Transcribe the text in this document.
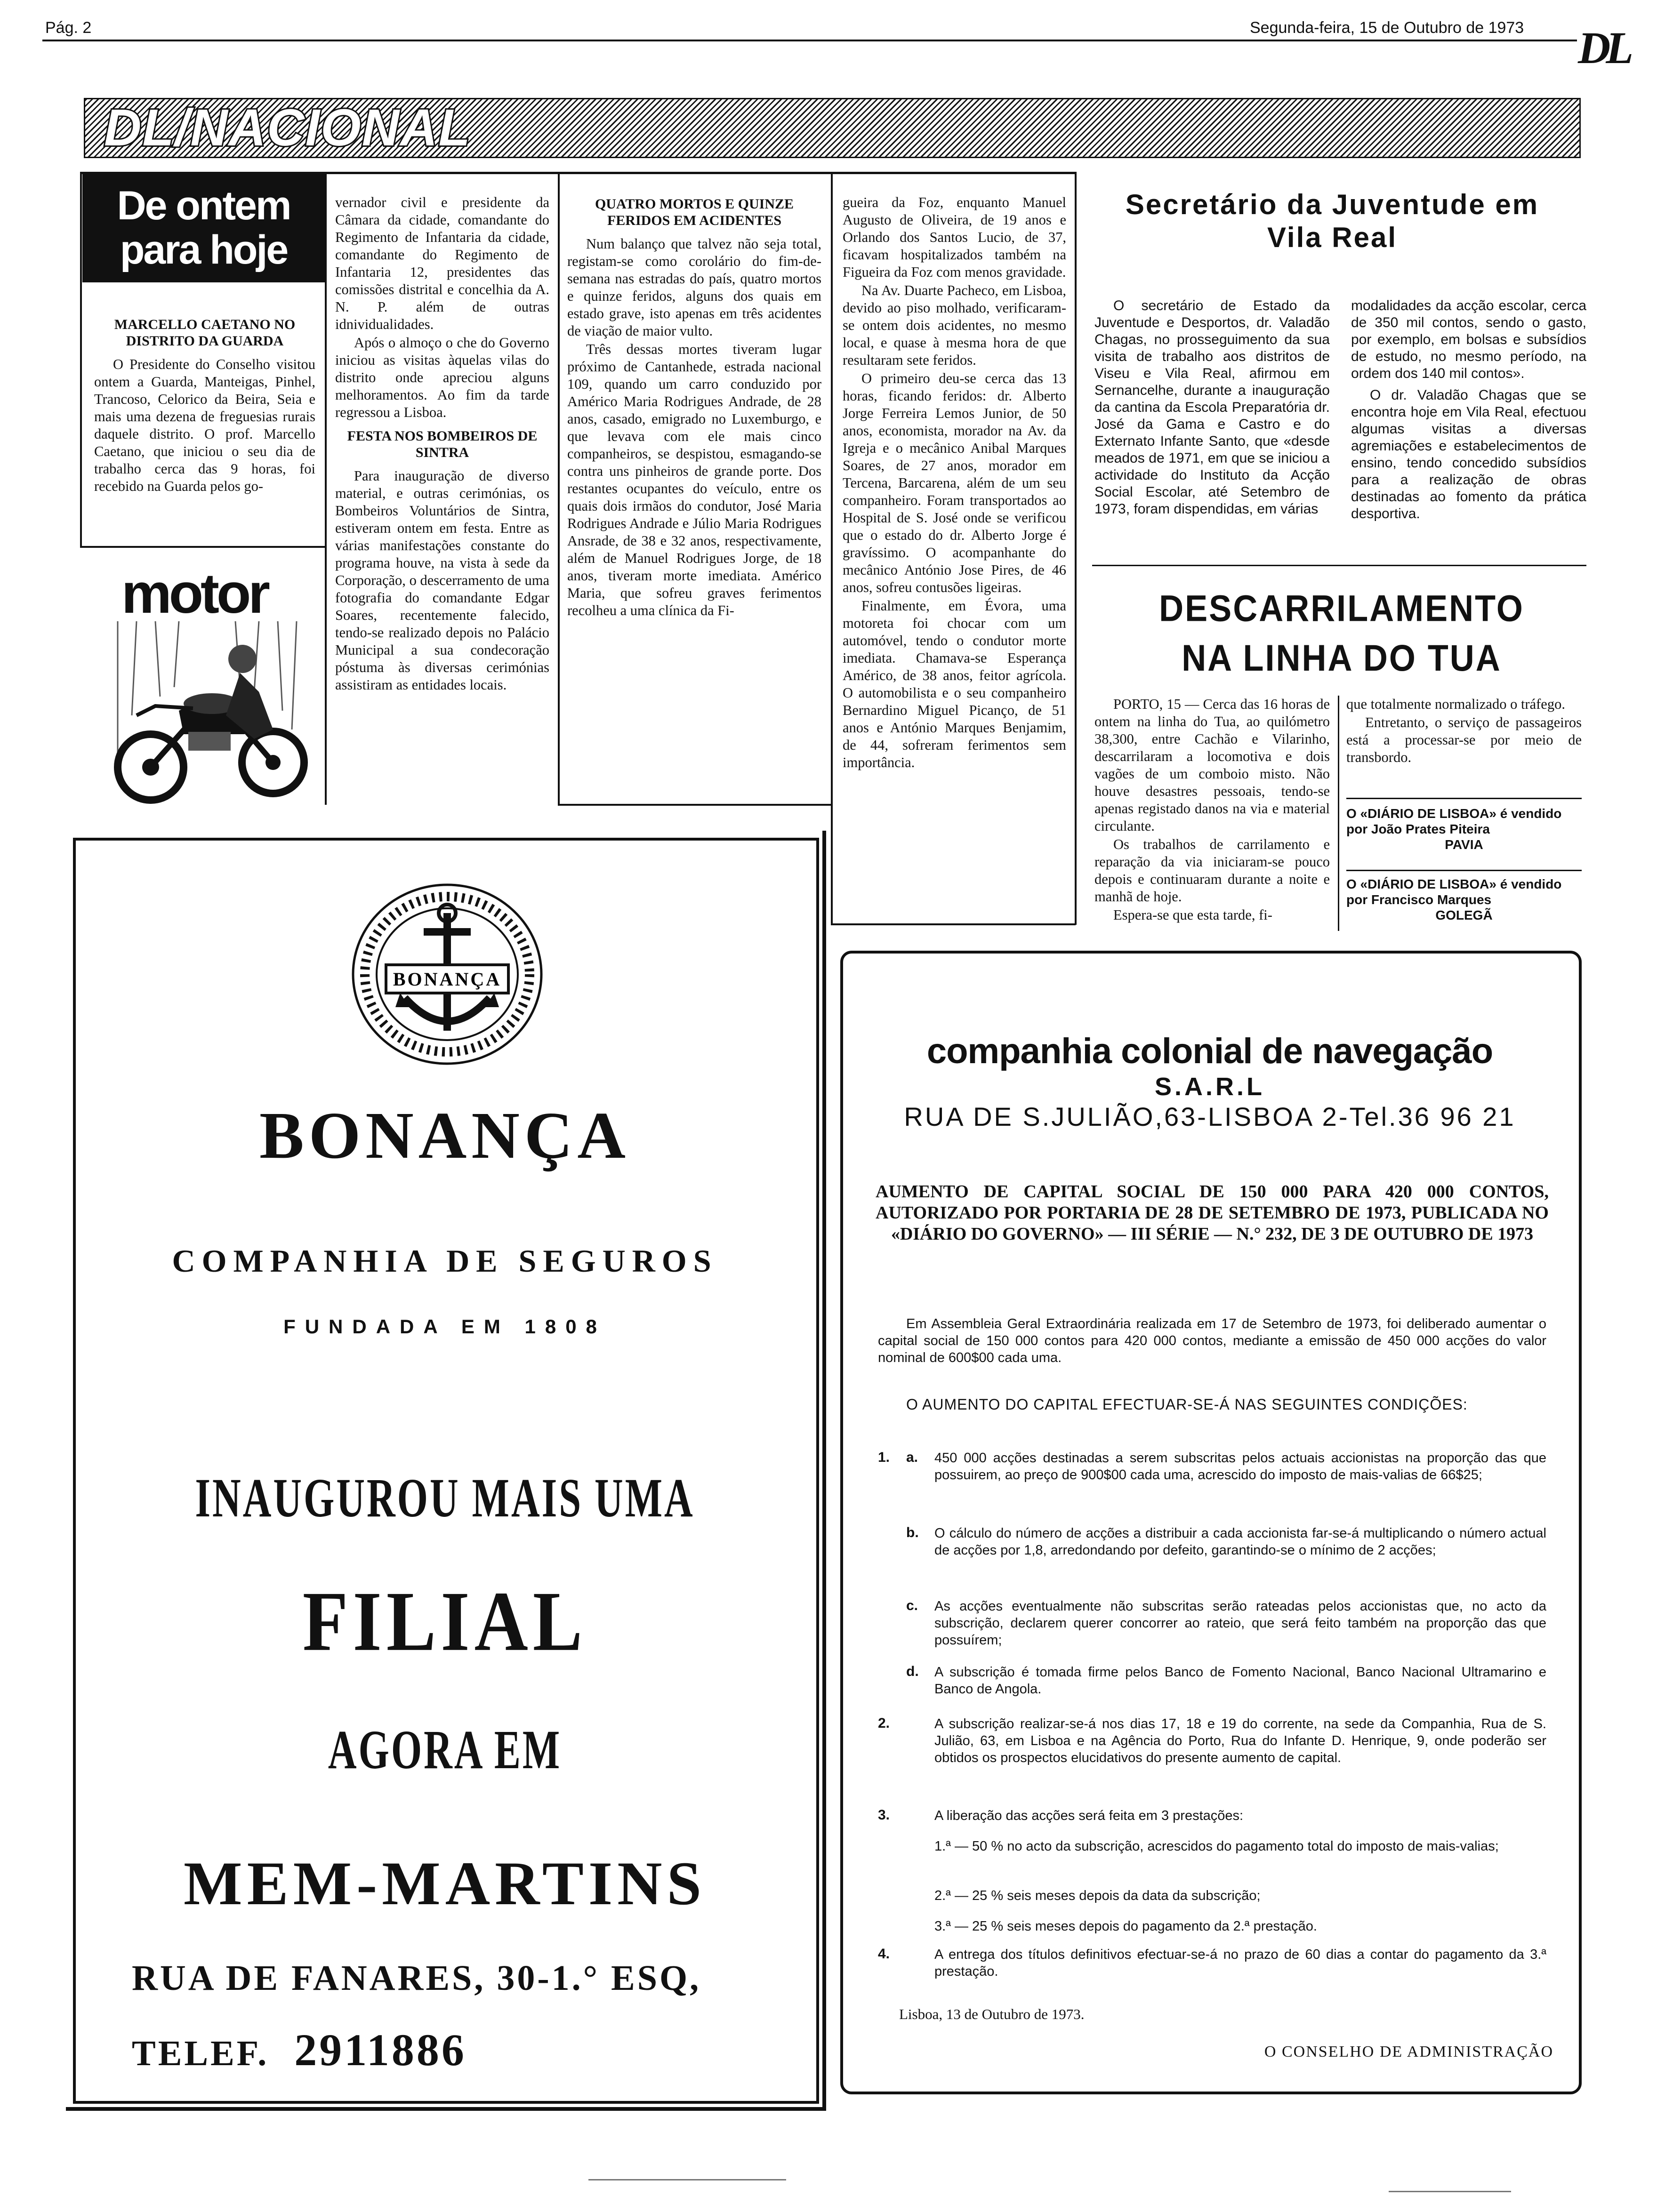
Pág. 2	Segunda-feira, 15 de Outubro de 1973 DL
DL/NACIONAL
De ontem
para hoje
MARCELLO CAETANO NO DISTRITO DA GUARDA

O Presidente do Conselho visitou ontem a Guarda, Manteigas, Pinhel, Trancoso, Celorico da Beira, Seia e mais uma dezena de freguesias rurais daquele distrito. O prof. Marcello Caetano, que iniciou o seu dia de trabalho cerca das 9 horas, foi recebido na Guarda pelos go-

motor

vernador civil e presidente da Câmara da cidade, comandante do Regimento de Infantaria da cidade, comandante do Regimento de Infantaria 12, presidentes das comissões distrital e concelhia da A. N. P. além de outras idnividualidades.

Após o almoço o che do Governo iniciou as visitas àquelas vilas do distrito onde apreciou alguns melhoramentos. Ao fim da tarde regressou a Lisboa.

FESTA NOS BOMBEIROS DE SINTRA

Para inauguração de diverso material, e outras cerimónias, os Bombeiros Voluntários de Sintra, estiveram ontem em festa. Entre as várias manifestações constante do programa houve, na vista à sede da Corporação, o descerramento de uma fotografia do comandante Edgar Soares, recentemente falecido, tendo-se realizado depois no Palácio Municipal a sua condecoração póstuma às diversas cerimónias assistiram as entidades locais.

QUATRO MORTOS E QUINZE FERIDOS EM ACIDENTES

Num balanço que talvez não seja total, registam-se como corolário do fim-de-semana nas estradas do país, quatro mortos e quinze feridos, alguns dos quais em estado grave, isto apenas em três acidentes de viação de maior vulto.

Três dessas mortes tiveram lugar próximo de Cantanhede, estrada nacional 109, quando um carro conduzido por Américo Maria Rodrigues Andrade, de 28 anos, casado, emigrado no Luxemburgo, e que levava com ele mais cinco companheiros, se despistou, esmagando-se contra uns pinheiros de grande porte. Dos restantes ocupantes do veículo, entre os quais dois irmãos do condutor, José Maria Rodrigues Andrade e Júlio Maria Rodrigues Ansrade, de 38 e 32 anos, respectivamente, além de Manuel Rodrigues Jorge, de 18 anos, tiveram morte imediata. Américo Maria, que sofreu graves ferimentos recolheu a uma clínica da Fi-

gueira da Foz, enquanto Manuel Augusto de Oliveira, de 19 anos e Orlando dos Santos Lucio, de 37, ficavam hospitalizados também na Figueira da Foz com menos gravidade.

Na Av. Duarte Pacheco, em Lisboa, devido ao piso molhado, verificaram-se ontem dois acidentes, no mesmo local, e quase à mesma hora de que resultaram sete feridos.

O primeiro deu-se cerca das 13 horas, ficando feridos: dr. Alberto Jorge Ferreira Lemos Junior, de 50 anos, economista, morador na Av. da Igreja e o mecânico Anibal Marques Soares, de 27 anos, morador em Tercena, Barcarena, além de um seu companheiro. Foram transportados ao Hospital de S. José onde se verificou que o estado do dr. Alberto Jorge é gravíssimo. O acompanhante do mecânico António Jose Pires, de 46 anos, sofreu contusões ligeiras.

Finalmente, em Évora, uma motoreta foi chocar com um automóvel, tendo o condutor morte imediata. Chamava-se Esperança Américo, de 38 anos, feitor agrícola. O automobilista e o seu companheiro Bernardino Miguel Picanço, de 51 anos e António Marques Benjamim, de 44, sofreram ferimentos sem importância.

Secretário da Juventude em Vila Real

O secretário de Estado da Juventude e Desportos, dr. Valadão Chagas, no prosseguimento da sua visita de trabalho aos distritos de Viseu e Vila Real, afirmou em Sernancelhe, durante a inauguração da cantina da Escola Preparatória dr. José da Gama e Castro e do Externato Infante Santo, que «desde meados de 1971, em que se iniciou a actividade do Instituto da Acção Social Escolar, até Setembro de 1973, foram dispendidas, em várias

modalidades da acção escolar, cerca de 350 mil contos, sendo o gasto, por exemplo, em bolsas e subsídios de estudo, no mesmo período, na ordem dos 140 mil contos».

O dr. Valadão Chagas que se encontra hoje em Vila Real, efectuou algumas visitas a diversas agremiações e estabelecimentos de ensino, tendo concedido subsídios para a realização de obras destinadas ao fomento da prática desportiva.

DESCARRILAMENTO
NA LINHA DO TUA

PORTO, 15 — Cerca das 16 horas de ontem na linha do Tua, ao quilómetro 38,300, entre Cachão e Vilarinho, descarrilaram a locomotiva e dois vagões de um comboio misto. Não houve desastres pessoais, tendo-se apenas registado danos na via e material circulante.

Os trabalhos de carrilamento e reparação da via iniciaram-se pouco depois e continuaram durante a noite e manhã de hoje.

Espera-se que esta tarde, fi-

que totalmente normalizado o tráfego.

Entretanto, o serviço de passageiros está a processar-se por meio de transbordo.

O «DIÁRIO DE LISBOA» é vendido por João Prates Piteira
PAVIA
O «DIÁRIO DE LISBOA» é vendido por Francisco Marques
GOLEGÃ
BONANÇA
BONANÇA
COMPANHIA DE SEGUROS
FUNDADA EM 1808
INAUGUROU MAIS UMA
FILIAL
AGORA EM
MEM-MARTINS
RUA DE FANARES, 30-1.° ESQ,
TELEF. 2911886
companhia colonial de navegação
S.A.R.L
RUA DE S.JULIÃO,63-LISBOA 2-Tel.36 96 21
AUMENTO DE CAPITAL SOCIAL DE 150 000 PARA 420 000 CONTOS, AUTORIZADO POR PORTARIA DE 28 DE SETEMBRO DE 1973, PUBLICADA NO «DIÁRIO DO GOVERNO» — III SÉRIE — N.° 232, DE 3 DE OUTUBRO DE 1973
Em Assembleia Geral Extraordinária realizada em 17 de Setembro de 1973, foi deliberado aumentar o capital social de 150 000 contos para 420 000 contos, mediante a emissão de 450 000 acções do valor nominal de 600$00 cada uma.
O AUMENTO DO CAPITAL EFECTUAR-SE-Á NAS SEGUINTES CONDIÇÕES:
1. a. 450 000 acções destinadas a serem subscritas pelos actuais accionistas na proporção das que possuirem, ao preço de 900$00 cada uma, acrescido do imposto de mais-valias de 66$25;
b. O cálculo do número de acções a distribuir a cada accionista far-se-á multiplicando o número actual de acções por 1,8, arredondando por defeito, garantindo-se o mínimo de 2 acções;
c. As acções eventualmente não subscritas serão rateadas pelos accionistas que, no acto da subscrição, declarem querer concorrer ao rateio, que será feito também na proporção das que possuírem;
d. A subscrição é tomada firme pelos Banco de Fomento Nacional, Banco Nacional Ultramarino e Banco de Angola.
2.	A subscrição realizar-se-á nos dias 17, 18 e 19 do corrente, na sede da Companhia, Rua de S. Julião, 63, em Lisboa e na Agência do Porto, Rua do Infante D. Henrique, 9, onde poderão ser obtidos os prospectos elucidativos do presente aumento de capital.
3.	A liberação das acções será feita em 3 prestações:
1.ª — 50 % no acto da subscrição, acrescidos do pagamento total do imposto de mais-valias;
2.ª — 25 % seis meses depois da data da subscrição;
3.ª — 25 % seis meses depois do pagamento da 2.ª prestação.
4.	A entrega dos títulos definitivos efectuar-se-á no prazo de 60 dias a contar do pagamento da 3.ª prestação.
Lisboa, 13 de Outubro de 1973.
O CONSELHO DE ADMINISTRAÇÃO
